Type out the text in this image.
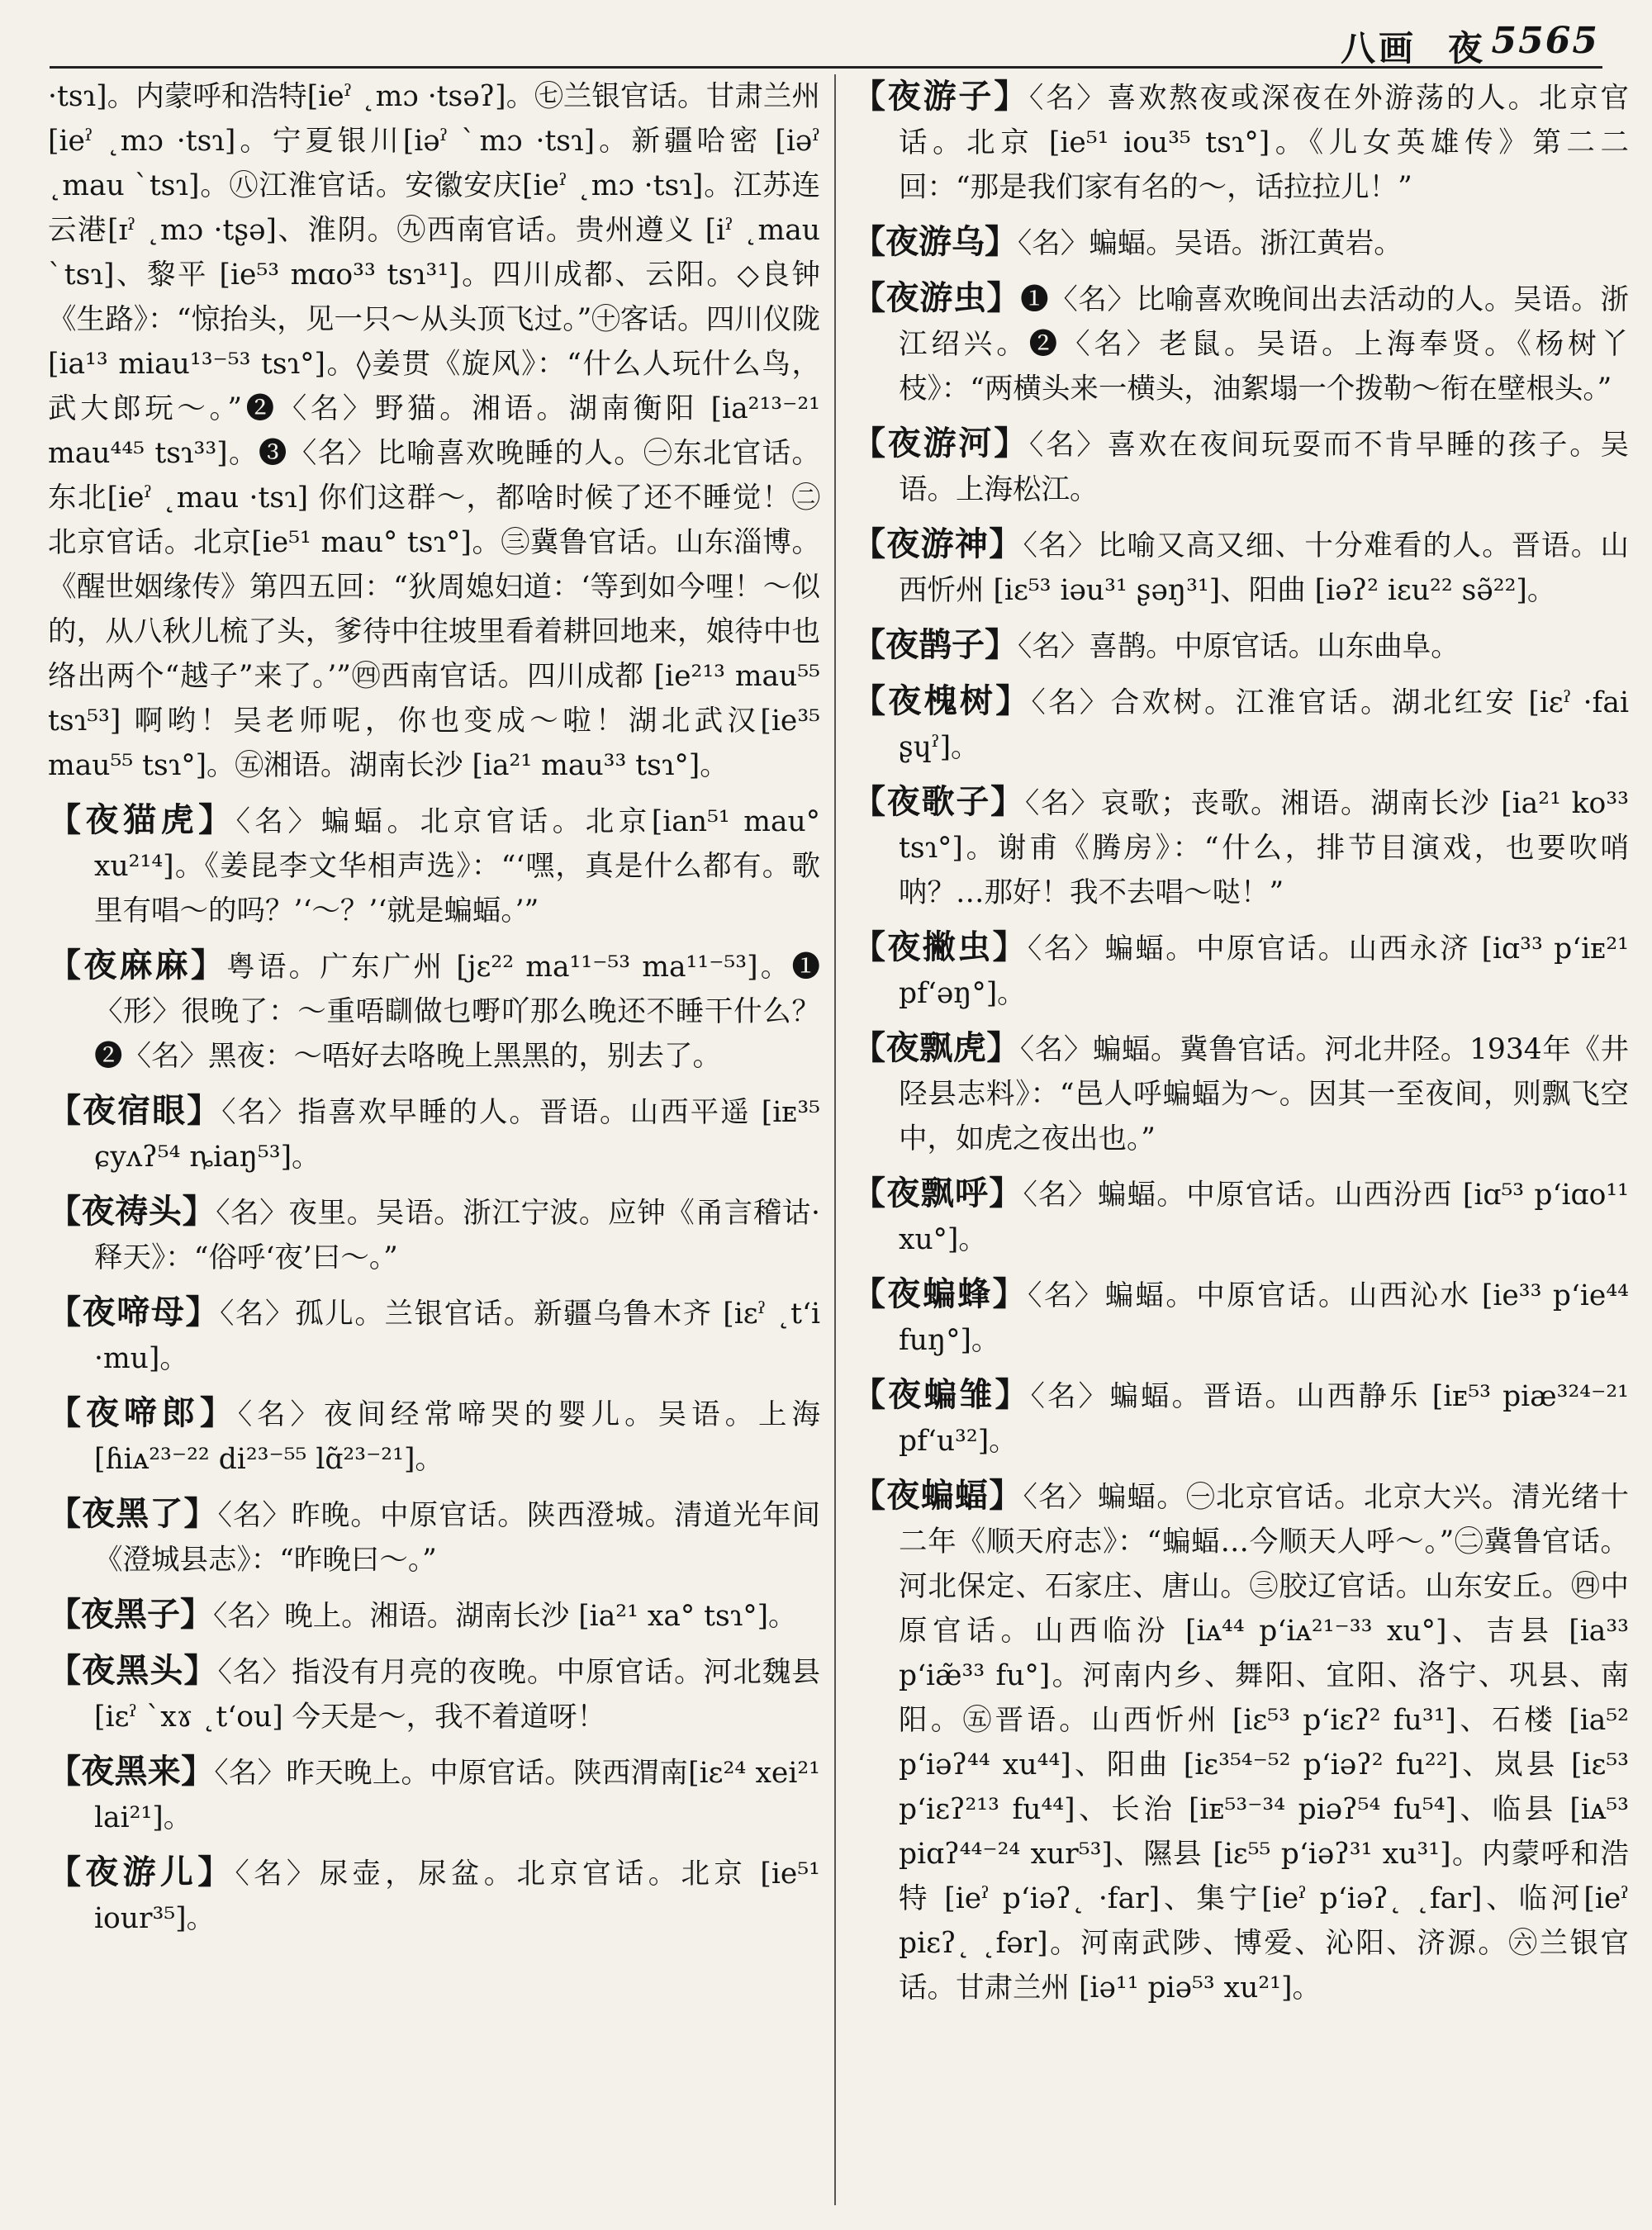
八画 夜 5565

·tsɿ]。内蒙呼和浩特[ieˀ ˛mɔ ·tsəʔ]。㊆兰银官话。甘肃兰州[ieˀ ˛mɔ ·tsɿ]。宁夏银川[iəˀ ˋmɔ ·tsɿ]。新疆哈密 [iəˀ ˛mau ˋtsɿ]。㊇江淮官话。安徽安庆[ieˀ ˛mɔ ·tsɿ]。江苏连云港[ɪˀ ˛mɔ ·tʂə]、淮阴。㊈西南官话。贵州遵义 [iˀ ˛mau ˋtsɿ]、黎平 [ie⁵³ mɑo³³ tsɿ³¹]。四川成都、云阳。◇良钟《生路》：“惊抬头，见一只～从头顶飞过。”㊉客话。四川仪陇[ia¹³ miau¹³⁻⁵³ tsɿ°]。◊姜贯《旋风》：“什么人玩什么鸟，武大郎玩～。”❷〈名〉野猫。湘语。湖南衡阳 [ia²¹³⁻²¹ mau⁴⁴⁵ tsɿ³³]。❸〈名〉比喻喜欢晚睡的人。㊀东北官话。东北[ieˀ ˛mau ·tsɿ] 你们这群～，都啥时候了还不睡觉！㊁北京官话。北京[ie⁵¹ mau° tsɿ°]。㊂冀鲁官话。山东淄博。《醒世姻缘传》第四五回：“狄周媳妇道：‘等到如今哩！～似的，从八秋儿梳了头，爹待中往坡里看着耕回地来，娘待中也络出两个“越子”来了。’”㊃西南官话。四川成都 [ie²¹³ mau⁵⁵ tsɿ⁵³] 啊哟！吴老师呢，你也变成～啦！湖北武汉[ie³⁵ mau⁵⁵ tsɿ°]。㊄湘语。湖南长沙 [ia²¹ mau³³ tsɿ°]。

【夜猫虎】〈名〉蝙蝠。北京官话。北京[ian⁵¹ mau° xu²¹⁴]。《姜昆李文华相声选》：“‘嘿，真是什么都有。歌里有唱～的吗？’‘～？’‘就是蝙蝠。’”

【夜麻麻】粤语。广东广州 [jɛ²² ma¹¹⁻⁵³ ma¹¹⁻⁵³]。❶〈形〉很晚了：～重唔瞓做乜嘢吖那么晚还不睡干什么？❷〈名〉黑夜：～唔好去咯晚上黑黑的，别去了。

【夜宿眼】〈名〉指喜欢早睡的人。晋语。山西平遥 [iᴇ³⁵ ɕyʌʔ⁵⁴ ȵiaŋ⁵³]。

【夜祷头】〈名〉夜里。吴语。浙江宁波。应钟《甬言稽诂·释天》：“俗呼‘夜’曰～。”

【夜啼母】〈名〉孤儿。兰银官话。新疆乌鲁木齐 [iɛˀ ˛tʻi ·mu]。

【夜啼郎】〈名〉夜间经常啼哭的婴儿。吴语。上海 [ɦiᴀ²³⁻²² di²³⁻⁵⁵ lɑ̃²³⁻²¹]。

【夜黑了】〈名〉昨晚。中原官话。陕西澄城。清道光年间《澄城县志》：“昨晚曰～。”

【夜黑子】〈名〉晚上。湘语。湖南长沙 [ia²¹ xa° tsɿ°]。

【夜黑头】〈名〉指没有月亮的夜晚。中原官话。河北魏县 [iɛˀ ˋxɤ ˛tʻou] 今天是～，我不着道呀！

【夜黑来】〈名〉昨天晚上。中原官话。陕西渭南[iɛ²⁴ xei²¹ lai²¹]。

【夜游儿】〈名〉尿壶，尿盆。北京官话。北京 [ie⁵¹ iour³⁵]。

【夜游子】〈名〉喜欢熬夜或深夜在外游荡的人。北京官话。北京 [ie⁵¹ iou³⁵ tsɿ°]。《儿女英雄传》第二二回：“那是我们家有名的～，话拉拉儿！”

【夜游乌】〈名〉蝙蝠。吴语。浙江黄岩。

【夜游虫】❶〈名〉比喻喜欢晚间出去活动的人。吴语。浙江绍兴。❷〈名〉老鼠。吴语。上海奉贤。《杨树丫枝》：“两横头来一横头，油絮塌一个拨勒～衔在壁根头。”

【夜游河】〈名〉喜欢在夜间玩耍而不肯早睡的孩子。吴语。上海松江。

【夜游神】〈名〉比喻又高又细、十分难看的人。晋语。山西忻州 [iɛ⁵³ iəu³¹ ʂəŋ³¹]、阳曲 [iəʔ² iɛu²² sə̃²²]。

【夜鹊子】〈名〉喜鹊。中原官话。山东曲阜。

【夜槐树】〈名〉合欢树。江淮官话。湖北红安 [iɛˀ ·fai ʂɥˀ]。

【夜歌子】〈名〉哀歌；丧歌。湘语。湖南长沙 [ia²¹ ko³³ tsɿ°]。谢甫《腾房》：“什么，排节目演戏，也要吹哨呐？…那好！我不去唱～哒！”

【夜撇虫】〈名〉蝙蝠。中原官话。山西永济 [iɑ³³ pʻiᴇ²¹ pfʻəŋ°]。

【夜飘虎】〈名〉蝙蝠。冀鲁官话。河北井陉。1934年《井陉县志料》：“邑人呼蝙蝠为～。因其一至夜间，则飘飞空中，如虎之夜出也。”

【夜飘呼】〈名〉蝙蝠。中原官话。山西汾西 [iɑ⁵³ pʻiɑo¹¹ xu°]。

【夜蝙蜂】〈名〉蝙蝠。中原官话。山西沁水 [ie³³ pʻie⁴⁴ fuŋ°]。

【夜蝙雏】〈名〉蝙蝠。晋语。山西静乐 [iᴇ⁵³ piæ³²⁴⁻²¹ pfʻu³²]。

【夜蝙蝠】〈名〉蝙蝠。㊀北京官话。北京大兴。清光绪十二年《顺天府志》：“蝙蝠…今顺天人呼～。”㊁冀鲁官话。河北保定、石家庄、唐山。㊂胶辽官话。山东安丘。㊃中原官话。山西临汾 [iᴀ⁴⁴ pʻiᴀ²¹⁻³³ xu°]、吉县 [ia³³ pʻiæ̃³³ fu°]。河南内乡、舞阳、宜阳、洛宁、巩县、南阳。㊄晋语。山西忻州 [iɛ⁵³ pʻiɛʔ² fu³¹]、石楼 [ia⁵² pʻiəʔ⁴⁴ xu⁴⁴]、阳曲 [iɛ³⁵⁴⁻⁵² pʻiəʔ² fu²²]、岚县 [iɛ⁵³ pʻiɛʔ²¹³ fu⁴⁴]、长治 [iᴇ⁵³⁻³⁴ piəʔ⁵⁴ fu⁵⁴]、临县 [iᴀ⁵³ piɑʔ⁴⁴⁻²⁴ xur⁵³]、隰县 [iɛ⁵⁵ pʻiəʔ³¹ xu³¹]。内蒙呼和浩特 [ieˀ pʻiəʔ˛ ·far]、集宁[ieˀ pʻiəʔ˛ ˛far]、临河[ieˀ piɛʔ˛ ˛fər]。河南武陟、博爱、沁阳、济源。㊅兰银官话。甘肃兰州 [iə¹¹ piə⁵³ xu²¹]。
